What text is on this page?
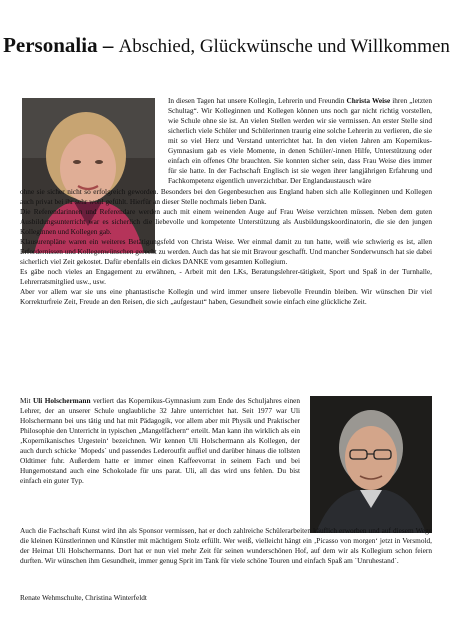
Personalia – Abschied, Glückwünsche und Willkommen
In diesen Tagen hat unsere Kollegin, Lehrerin und Freundin Christa Weise ihren „letzten Schultag“. Wir Kolleginnen und Kollegen können uns noch gar nicht richtig vorstellen, wie Schule ohne sie ist. An vielen Stellen werden wir sie vermissen. An erster Stelle sind sicherlich viele Schüler und Schülerinnen traurig eine solche Lehrerin zu verlieren, die sie mit so viel Herz und Verstand unterrichtet hat. In den vielen Jahren am Kopernikus-Gymnasium gab es viele Momente, in denen Schüler/-innen Hilfe, Unterstützung oder einfach ein offenes Ohr brauchten. Sie konnten sicher sein, dass Frau Weise dies immer für sie hatte. In der Fachschaft Englisch ist sie wegen ihrer langjährigen Erfahrung und Fachkompetenz eigentlich unverzichtbar. Der Englandaustausch wäre
ohne sie sicher nicht so erfolgreich geworden. Besonders bei den Gegenbesuchen aus England haben sich alle Kolleginnen und Kollegen auch privat bei ihr sehr wohl gefühlt. Hierfür an dieser Stelle nochmals lieben Dank.
Die Referendarinnen und Referendare werden auch mit einem weinenden Auge auf Frau Weise verzichten müssen. Neben dem guten Ausbildungsunterricht war es sicherlich die liebevolle und kompetente Unterstützung als Ausbildungskoordinatorin, die sie den jungen Kolleginnen und Kollegen gab.
Klausurenpläne waren ein weiteres Betätigungsfeld von Christa Weise. Wer einmal damit zu tun hatte, weiß wie schwierig es ist, allen Erfordernissen und Kollegenwünschen gerecht zu werden. Auch das hat sie mit Bravour geschafft. Und mancher Sonderwunsch hat sie dabei sicherlich viel Zeit gekostet. Dafür ebenfalls ein dickes DANKE vom gesamten Kollegium.
Es gäbe noch vieles an Engagement zu erwähnen, - Arbeit mit den LKs, Beratungslehrer-tätigkeit, Sport und Spaß in der Turnhalle, Lehrerratsmitglied usw., usw.
Aber vor allem war sie uns eine phantastische Kollegin und wird immer unsere liebevolle Freundin bleiben. Wir wünschen Dir viel Korrekturfreie Zeit, Freude an den Reisen, die sich „aufgestaut“ haben, Gesundheit sowie einfach eine glückliche Zeit.
Mit Uli Holschermann verliert das Kopernikus-Gymnasium zum Ende des Schuljahres einen Lehrer, der an unserer Schule unglaubliche 32 Jahre unterrichtet hat. Seit 1977 war Uli Holschermann bei uns tätig und hat mit Pädagogik, vor allem aber mit Physik und Praktischer Philosophie den Unterricht in typischen „Mangelfächern“ erteilt. Man kann ihn wirklich als ein ‚Kopernikanisches Urgestein‘ bezeichnen. Wir kennen Uli Holschermann als Kollegen, der auch durch schicke `Mopeds` und passendes Lederoutfit auffiel und darüber hinaus die tollsten Oldtimer fuhr. Außerdem hatte er immer einen Kaffeevorrat in seinem Fach und bei Hungernotstand auch eine Schokolade für uns parat. Uli, all das wird uns fehlen. Du bist einfach ein guter Typ.
Auch die Fachschaft Kunst wird ihn als Sponsor vermissen, hat er doch zahlreiche Schülerarbeiten käuflich erworben und auf diesem Wege die kleinen Künstlerinnen und Künstler mit mächtigem Stolz erfüllt. Wer weiß, vielleicht hängt ein ‚Picasso von morgen‘ jetzt in Versmold, der Heimat Uli Holschermanns. Dort hat er nun viel mehr Zeit für seinen wunderschönen Hof, auf dem wir als Kollegium schon feiern durften. Wir wünschen ihm Gesundheit, immer genug Sprit im Tank für viele schöne Touren und einfach Spaß am `Unruhestand`.
Renate Wehmschulte, Christina Winterfeldt
